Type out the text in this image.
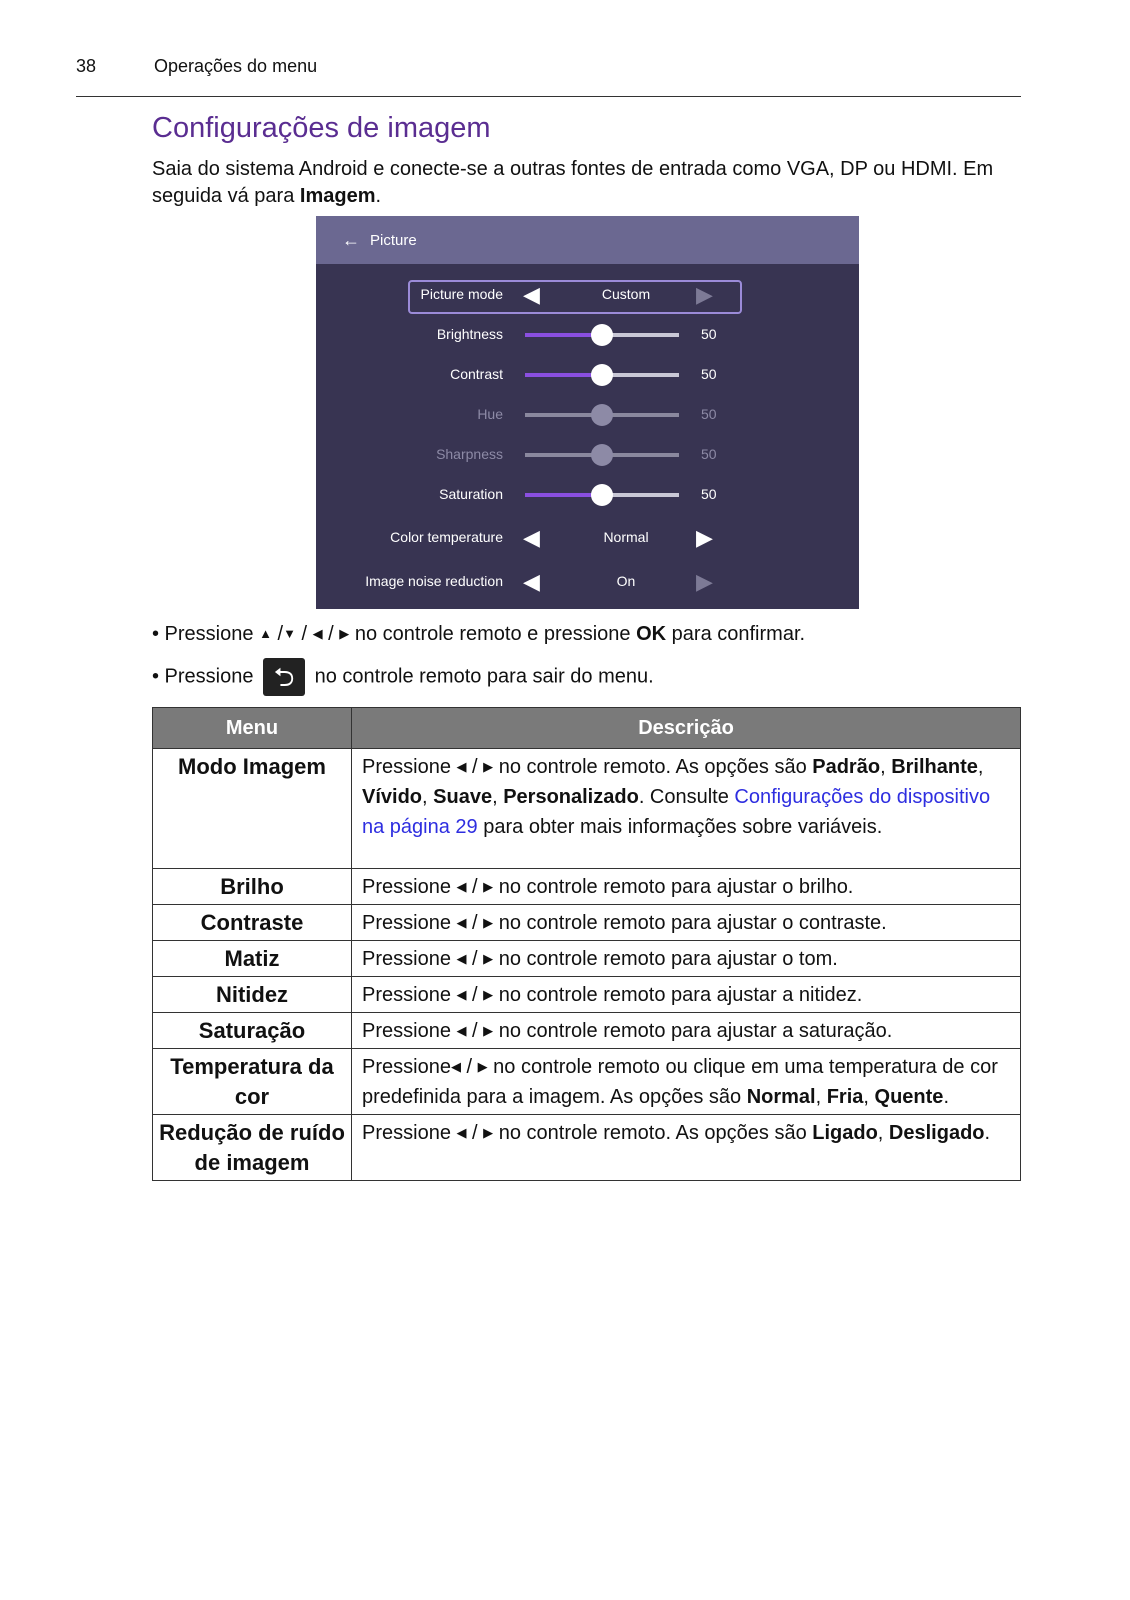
38	Operações do menu
Configurações de imagem

Saia do sistema Android e conecte-se a outras fontes de entrada como VGA, DP ou HDMI. Em seguida vá para Imagem.

← Picture
Picture mode ◀	Custom	▶
Brightness	50
Contrast	50
Hue	50
Sharpness	50
Saturation	50
Color temperature ◀	Normal	▶
Image noise reduction ◀	On	▶
• Pressione ▲ /▼ / ◀ / ▶ no controle remoto e pressione OK para confirmar.
• Pressione ⮌ no controle remoto para sair do menu.
Menu	Descrição
Modo Imagem	Pressione ◀ / ▶ no controle remoto. As opções são Padrão, Brilhante, Vívido, Suave, Personalizado. Consulte Configurações do dispositivo na página 29 para obter mais informações sobre variáveis.
Brilho	Pressione ◀ / ▶ no controle remoto para ajustar o brilho.
Contraste	Pressione ◀ / ▶ no controle remoto para ajustar o contraste.
Matiz	Pressione ◀ / ▶ no controle remoto para ajustar o tom.
Nitidez	Pressione ◀ / ▶ no controle remoto para ajustar a nitidez.
Saturação	Pressione ◀ / ▶ no controle remoto para ajustar a saturação.
Temperatura da cor	Pressione◀ / ▶ no controle remoto ou clique em uma temperatura de cor predefinida para a imagem. As opções são Normal, Fria, Quente.
Redução de ruído de imagem	Pressione ◀ / ▶ no controle remoto. As opções são Ligado, Desligado.
